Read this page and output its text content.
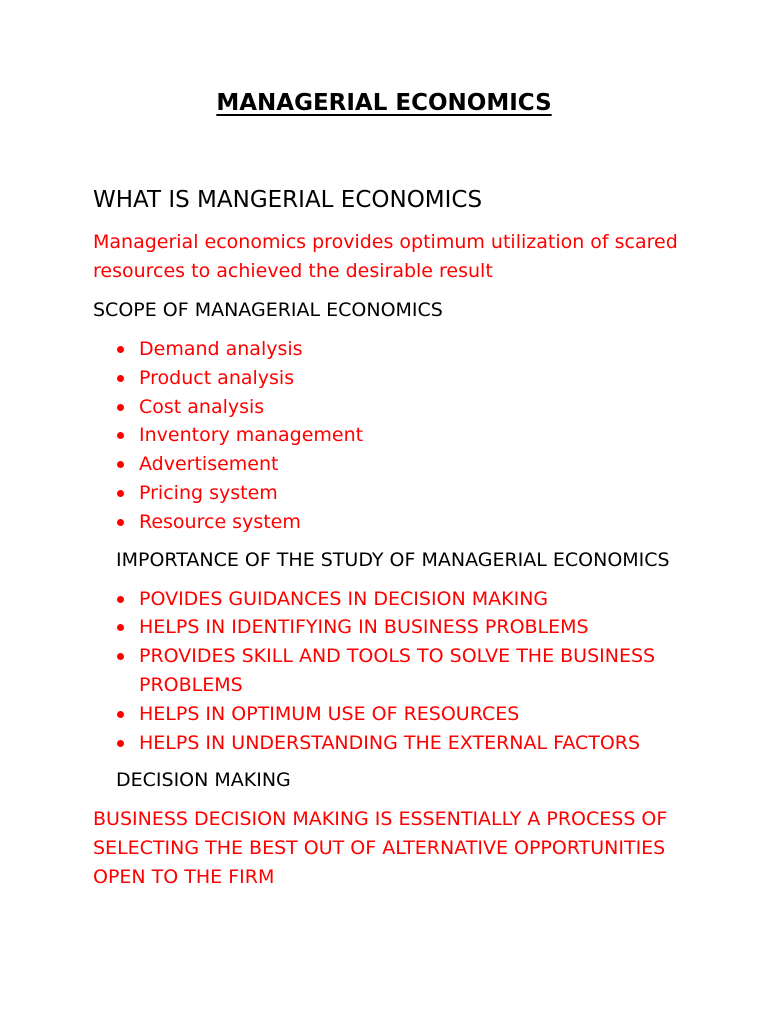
MANAGERIAL ECONOMICS
WHAT IS MANGERIAL ECONOMICS
Managerial economics provides optimum utilization of scared resources to achieved the desirable result
SCOPE OF MANAGERIAL ECONOMICS
Demand analysis
Product analysis
Cost analysis
Inventory management
Advertisement
Pricing system
Resource system
IMPORTANCE OF THE STUDY OF MANAGERIAL ECONOMICS
POVIDES GUIDANCES IN DECISION MAKING
HELPS IN IDENTIFYING IN BUSINESS PROBLEMS
PROVIDES SKILL AND TOOLS TO SOLVE THE BUSINESS PROBLEMS
HELPS IN OPTIMUM USE OF RESOURCES
HELPS IN UNDERSTANDING THE EXTERNAL FACTORS
DECISION MAKING
BUSINESS DECISION MAKING IS ESSENTIALLY A PROCESS OF SELECTING THE BEST OUT OF ALTERNATIVE OPPORTUNITIES OPEN TO THE FIRM
